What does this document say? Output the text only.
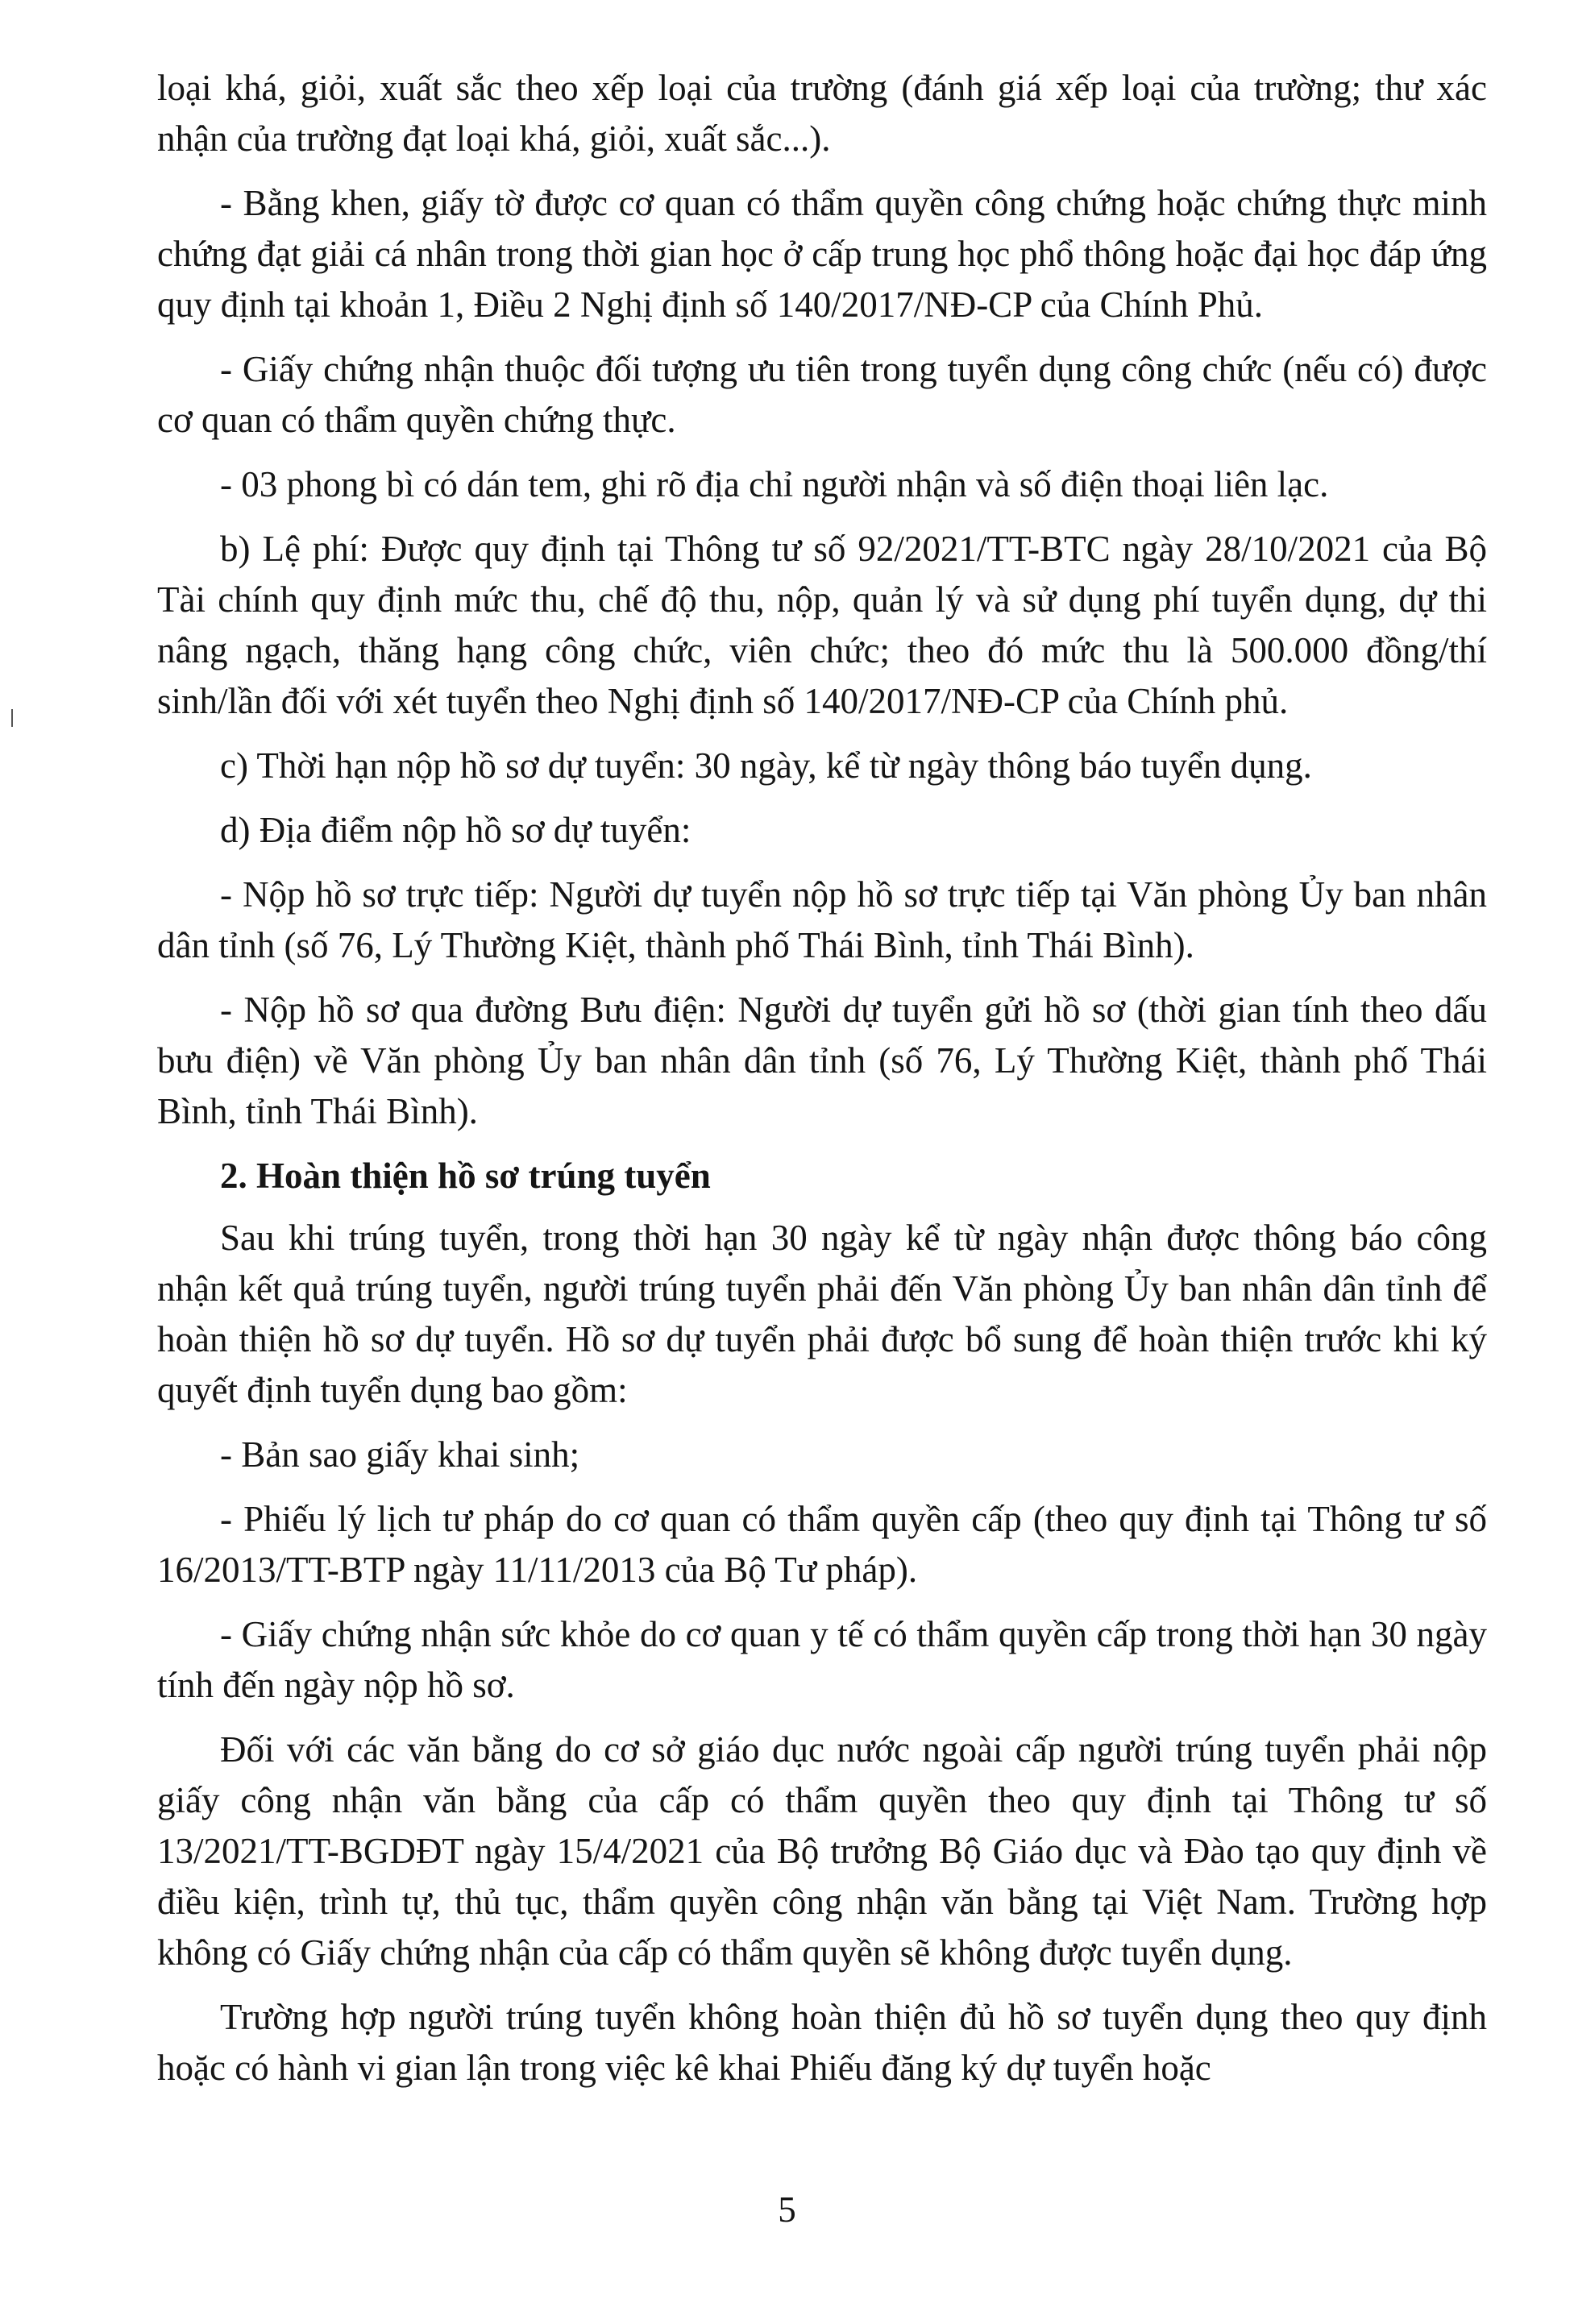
loại khá, giỏi, xuất sắc theo xếp loại của trường (đánh giá xếp loại của trường; thư xác nhận của trường đạt loại khá, giỏi, xuất sắc...).

- Bằng khen, giấy tờ được cơ quan có thẩm quyền công chứng hoặc chứng thực minh chứng đạt giải cá nhân trong thời gian học ở cấp trung học phổ thông hoặc đại học đáp ứng quy định tại khoản 1, Điều 2 Nghị định số 140/2017/NĐ-CP của Chính Phủ.

- Giấy chứng nhận thuộc đối tượng ưu tiên trong tuyển dụng công chức (nếu có) được cơ quan có thẩm quyền chứng thực.

- 03 phong bì có dán tem, ghi rõ địa chỉ người nhận và số điện thoại liên lạc.

b) Lệ phí: Được quy định tại Thông tư số 92/2021/TT-BTC ngày 28/10/2021 của Bộ Tài chính quy định mức thu, chế độ thu, nộp, quản lý và sử dụng phí tuyển dụng, dự thi nâng ngạch, thăng hạng công chức, viên chức; theo đó mức thu là 500.000 đồng/thí sinh/lần đối với xét tuyển theo Nghị định số 140/2017/NĐ-CP của Chính phủ.

c) Thời hạn nộp hồ sơ dự tuyển: 30 ngày, kể từ ngày thông báo tuyển dụng.

d) Địa điểm nộp hồ sơ dự tuyển:

- Nộp hồ sơ trực tiếp: Người dự tuyển nộp hồ sơ trực tiếp tại Văn phòng Ủy ban nhân dân tỉnh (số 76, Lý Thường Kiệt, thành phố Thái Bình, tỉnh Thái Bình).

- Nộp hồ sơ qua đường Bưu điện: Người dự tuyển gửi hồ sơ (thời gian tính theo dấu bưu điện) về Văn phòng Ủy ban nhân dân tỉnh (số 76, Lý Thường Kiệt, thành phố Thái Bình, tỉnh Thái Bình).

2. Hoàn thiện hồ sơ trúng tuyển

Sau khi trúng tuyển, trong thời hạn 30 ngày kể từ ngày nhận được thông báo công nhận kết quả trúng tuyển, người trúng tuyển phải đến Văn phòng Ủy ban nhân dân tỉnh để hoàn thiện hồ sơ dự tuyển. Hồ sơ dự tuyển phải được bổ sung để hoàn thiện trước khi ký quyết định tuyển dụng bao gồm:

- Bản sao giấy khai sinh;

- Phiếu lý lịch tư pháp do cơ quan có thẩm quyền cấp (theo quy định tại Thông tư số 16/2013/TT-BTP ngày 11/11/2013 của Bộ Tư pháp).

- Giấy chứng nhận sức khỏe do cơ quan y tế có thẩm quyền cấp trong thời hạn 30 ngày tính đến ngày nộp hồ sơ.

Đối với các văn bằng do cơ sở giáo dục nước ngoài cấp người trúng tuyển phải nộp giấy công nhận văn bằng của cấp có thẩm quyền theo quy định tại Thông tư số 13/2021/TT-BGDĐT ngày 15/4/2021 của Bộ trưởng Bộ Giáo dục và Đào tạo quy định về điều kiện, trình tự, thủ tục, thẩm quyền công nhận văn bằng tại Việt Nam. Trường hợp không có Giấy chứng nhận của cấp có thẩm quyền sẽ không được tuyển dụng.

Trường hợp người trúng tuyển không hoàn thiện đủ hồ sơ tuyển dụng theo quy định hoặc có hành vi gian lận trong việc kê khai Phiếu đăng ký dự tuyển hoặc

5
